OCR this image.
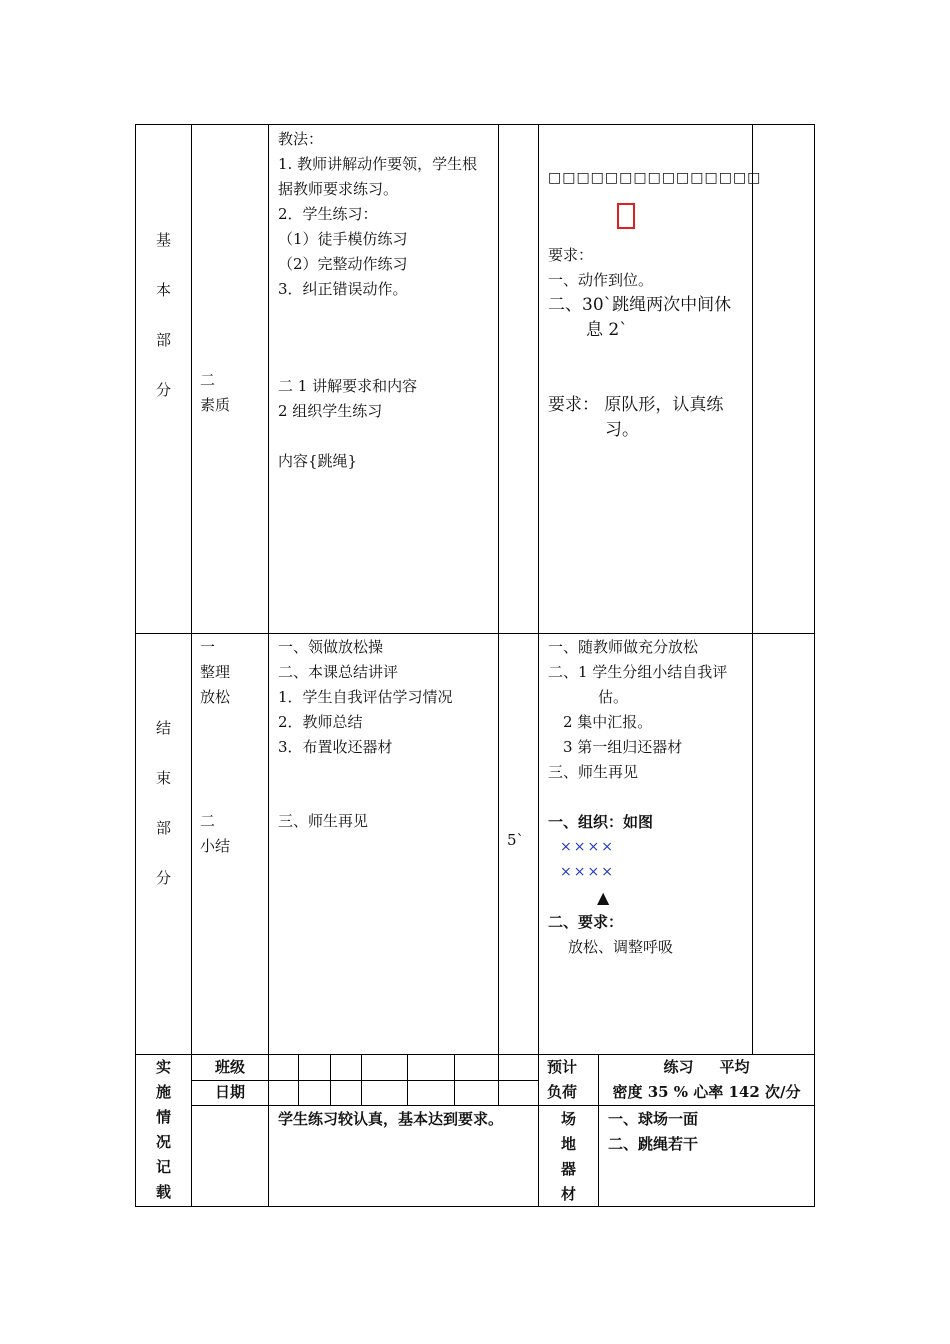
基

本

部

分

二

素质

教法：

1. 教师讲解动作要领，学生根

据教师要求练习。

2．学生练习：

（1）徒手模仿练习

（2）完整动作练习

3．纠正错误动作。

二 1 讲解要求和内容

2 组织学生练习

内容{跳绳}

□□□□□□□□□□□□□□□

要求：

一、动作到位。

二、30`跳绳两次中间休

息 2`

要求： 原队形，认真练

习。

结

束

部

分

一

整理

放松

二

小结

一、领做放松操

二、本课总结讲评

1．学生自我评估学习情况

2．教师总结

3．布置收还器材

三、师生再见

5`

一、随教师做充分放松

二、1 学生分组小结自我评

估。

2 集中汇报。

3 第一组归还器材

三、师生再见

一、组织：如图

××××

××××

▲

二、要求：

放松、调整呼吸

实

施

情

况

记

载

班级

日期

学生练习较认真，基本达到要求。

预计

负荷

练习     平均

密度 35 % 心率 142 次/分

场

地

器

材

一、球场一面

二、跳绳若干
